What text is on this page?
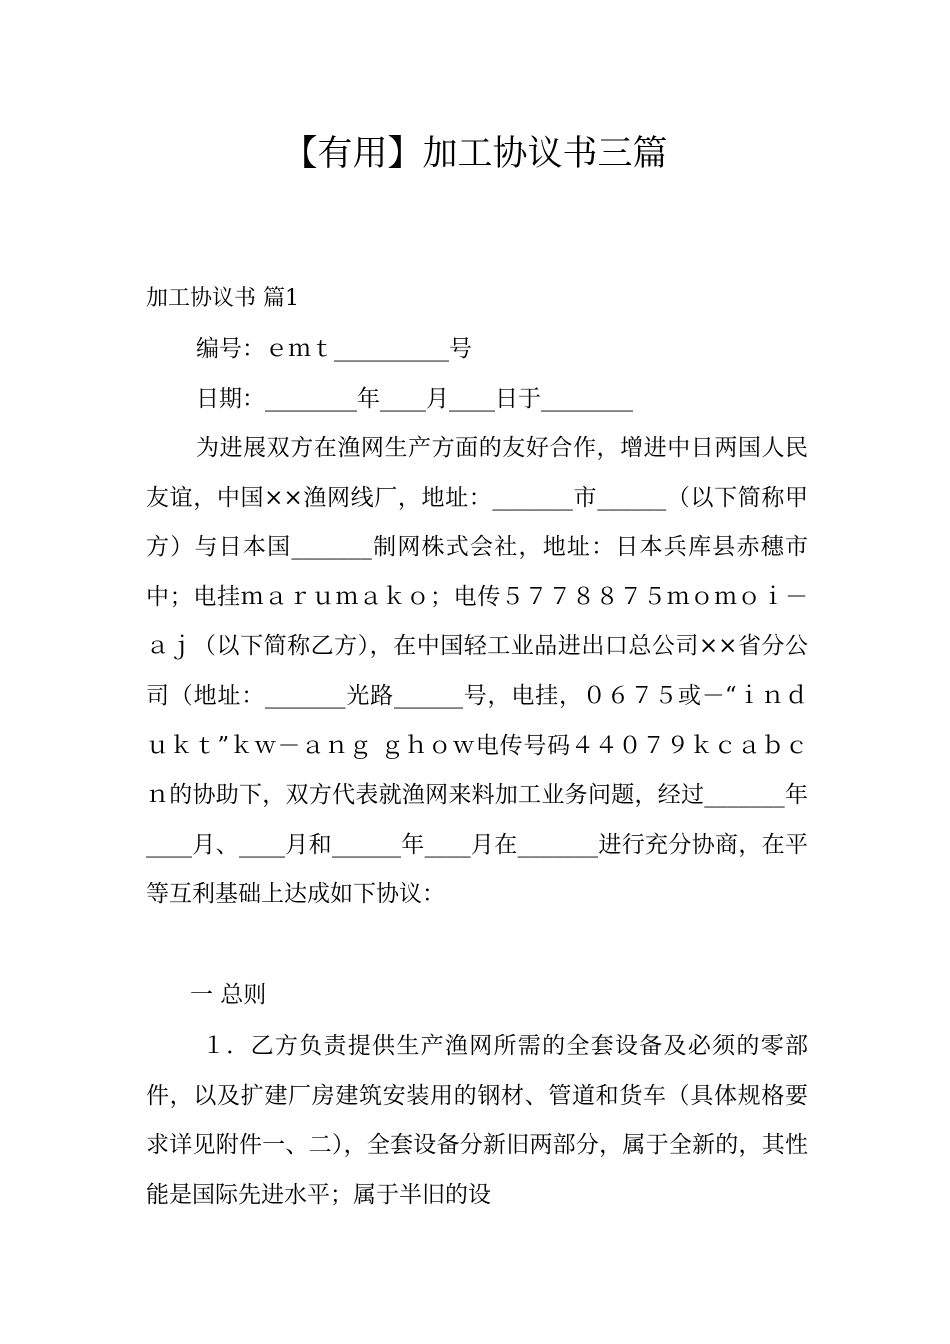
【有用】加工协议书三篇

加工协议书 篇1

编号：ｅｍｔ__________号
日期：________年____月____日于________

为进展双方在渔网生产方面的友好合作，增进中日两国人民友谊，中国××渔网线厂，地址：_______市______（以下简称甲方）与日本国_______制网株式会社，地址：日本兵库县赤穗市中；电挂ｍａｒｕｍａｋｏ；电传５７７８８７５ｍｏｍｏｉ－ａｊ（以下简称乙方），在中国轻工业品进出口总公司××省分公司（地址：_______光路______号，电挂，０６７５或－“ｉｎｄｕｋｔ”ｋｗ－ａｎｇ ｇｈｏｗ电传号码４４０７９ｋｃａｂｃｎ的协助下，双方代表就渔网来料加工业务问题，经过_______年____月、____月和______年____月在_______进行充分协商，在平等互利基础上达成如下协议：

一 总则

１．乙方负责提供生产渔网所需的全套设备及必须的零部件，以及扩建厂房建筑安装用的钢材、管道和货车（具体规格要求详见附件一、二），全套设备分新旧两部分，属于全新的，其性能是国际先进水平；属于半旧的设
